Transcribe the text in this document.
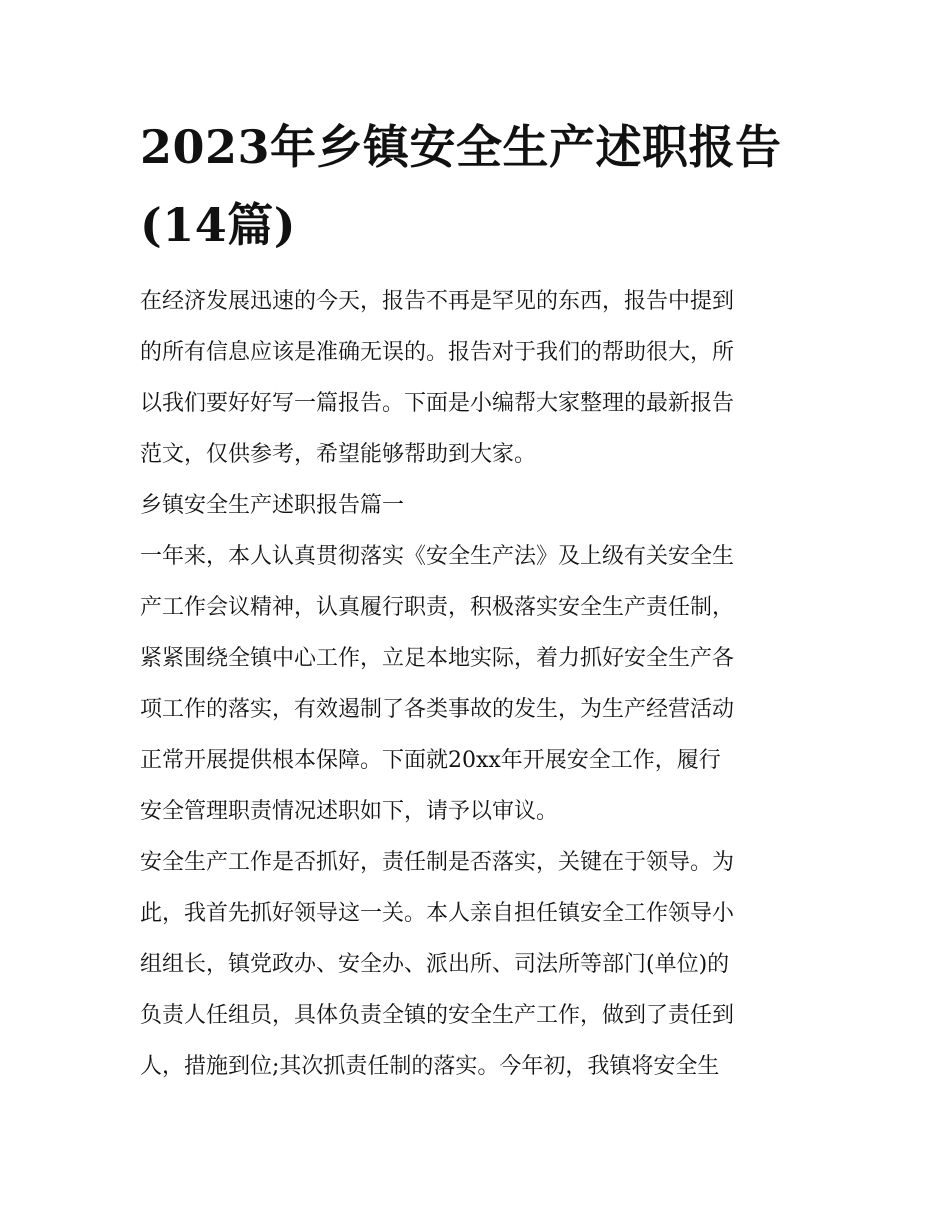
2023年乡镇安全生产述职报告
(14篇)

在经济发展迅速的今天，报告不再是罕见的东西，报告中提到
的所有信息应该是准确无误的。报告对于我们的帮助很大，所
以我们要好好写一篇报告。下面是小编帮大家整理的最新报告
范文，仅供参考，希望能够帮助到大家。

乡镇安全生产述职报告篇一

一年来，本人认真贯彻落实《安全生产法》及上级有关安全生
产工作会议精神，认真履行职责，积极落实安全生产责任制，
紧紧围绕全镇中心工作，立足本地实际，着力抓好安全生产各
项工作的落实，有效遏制了各类事故的发生，为生产经营活动
正常开展提供根本保障。下面就20xx年开展安全工作，履行
安全管理职责情况述职如下，请予以审议。

安全生产工作是否抓好，责任制是否落实，关键在于领导。为
此，我首先抓好领导这一关。本人亲自担任镇安全工作领导小
组组长，镇党政办、安全办、派出所、司法所等部门(单位)的
负责人任组员，具体负责全镇的安全生产工作，做到了责任到
人，措施到位;其次抓责任制的落实。今年初，我镇将安全生
